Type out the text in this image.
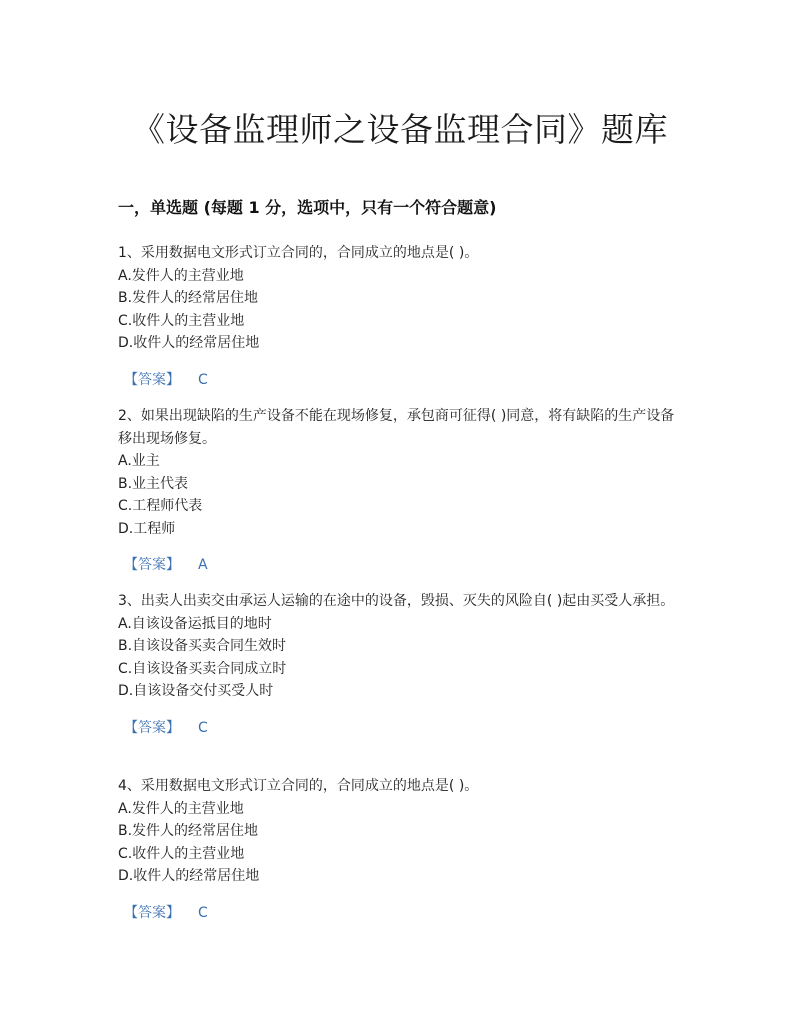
《设备监理师之设备监理合同》题库
一，单选题 (每题 1 分，选项中，只有一个符合题意)

1、采用数据电文形式订立合同的，合同成立的地点是( )。

A.发件人的主营业地

B.发件人的经常居住地

C.收件人的主营业地

D.收件人的经常居住地

【答案】 C

2、如果出现缺陷的生产设备不能在现场修复，承包商可征得( )同意，将有缺陷的生产设备移出现场修复。

A.业主

B.业主代表

C.工程师代表

D.工程师

【答案】 A

3、出卖人出卖交由承运人运输的在途中的设备，毁损、灭失的风险自( )起由买受人承担。

A.自该设备运抵目的地时

B.自该设备买卖合同生效时

C.自该设备买卖合同成立时

D.自该设备交付买受人时

【答案】 C

4、采用数据电文形式订立合同的，合同成立的地点是( )。

A.发件人的主营业地

B.发件人的经常居住地

C.收件人的主营业地

D.收件人的经常居住地

【答案】 C
